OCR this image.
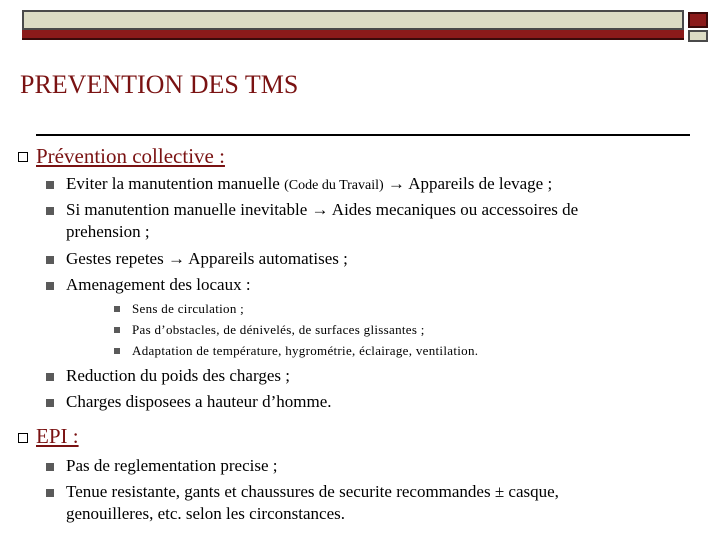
PREVENTION DES TMS
Prévention collective :
Eviter la manutention manuelle (Code du Travail) → Appareils de levage ;
Si manutention manuelle inevitable → Aides mecaniques ou accessoires de
prehension ;
Gestes repetes → Appareils automatises ;
Amenagement des locaux :
Sens de circulation ;
Pas d’obstacles, de dénivelés, de surfaces glissantes ;
Adaptation de température, hygrométrie, éclairage, ventilation.
Reduction du poids des charges ;
Charges disposees a hauteur d’homme.
EPI :
Pas de reglementation precise ;
Tenue resistante, gants et chaussures de securite recommandes ± casque,
genouilleres, etc. selon les circonstances.
